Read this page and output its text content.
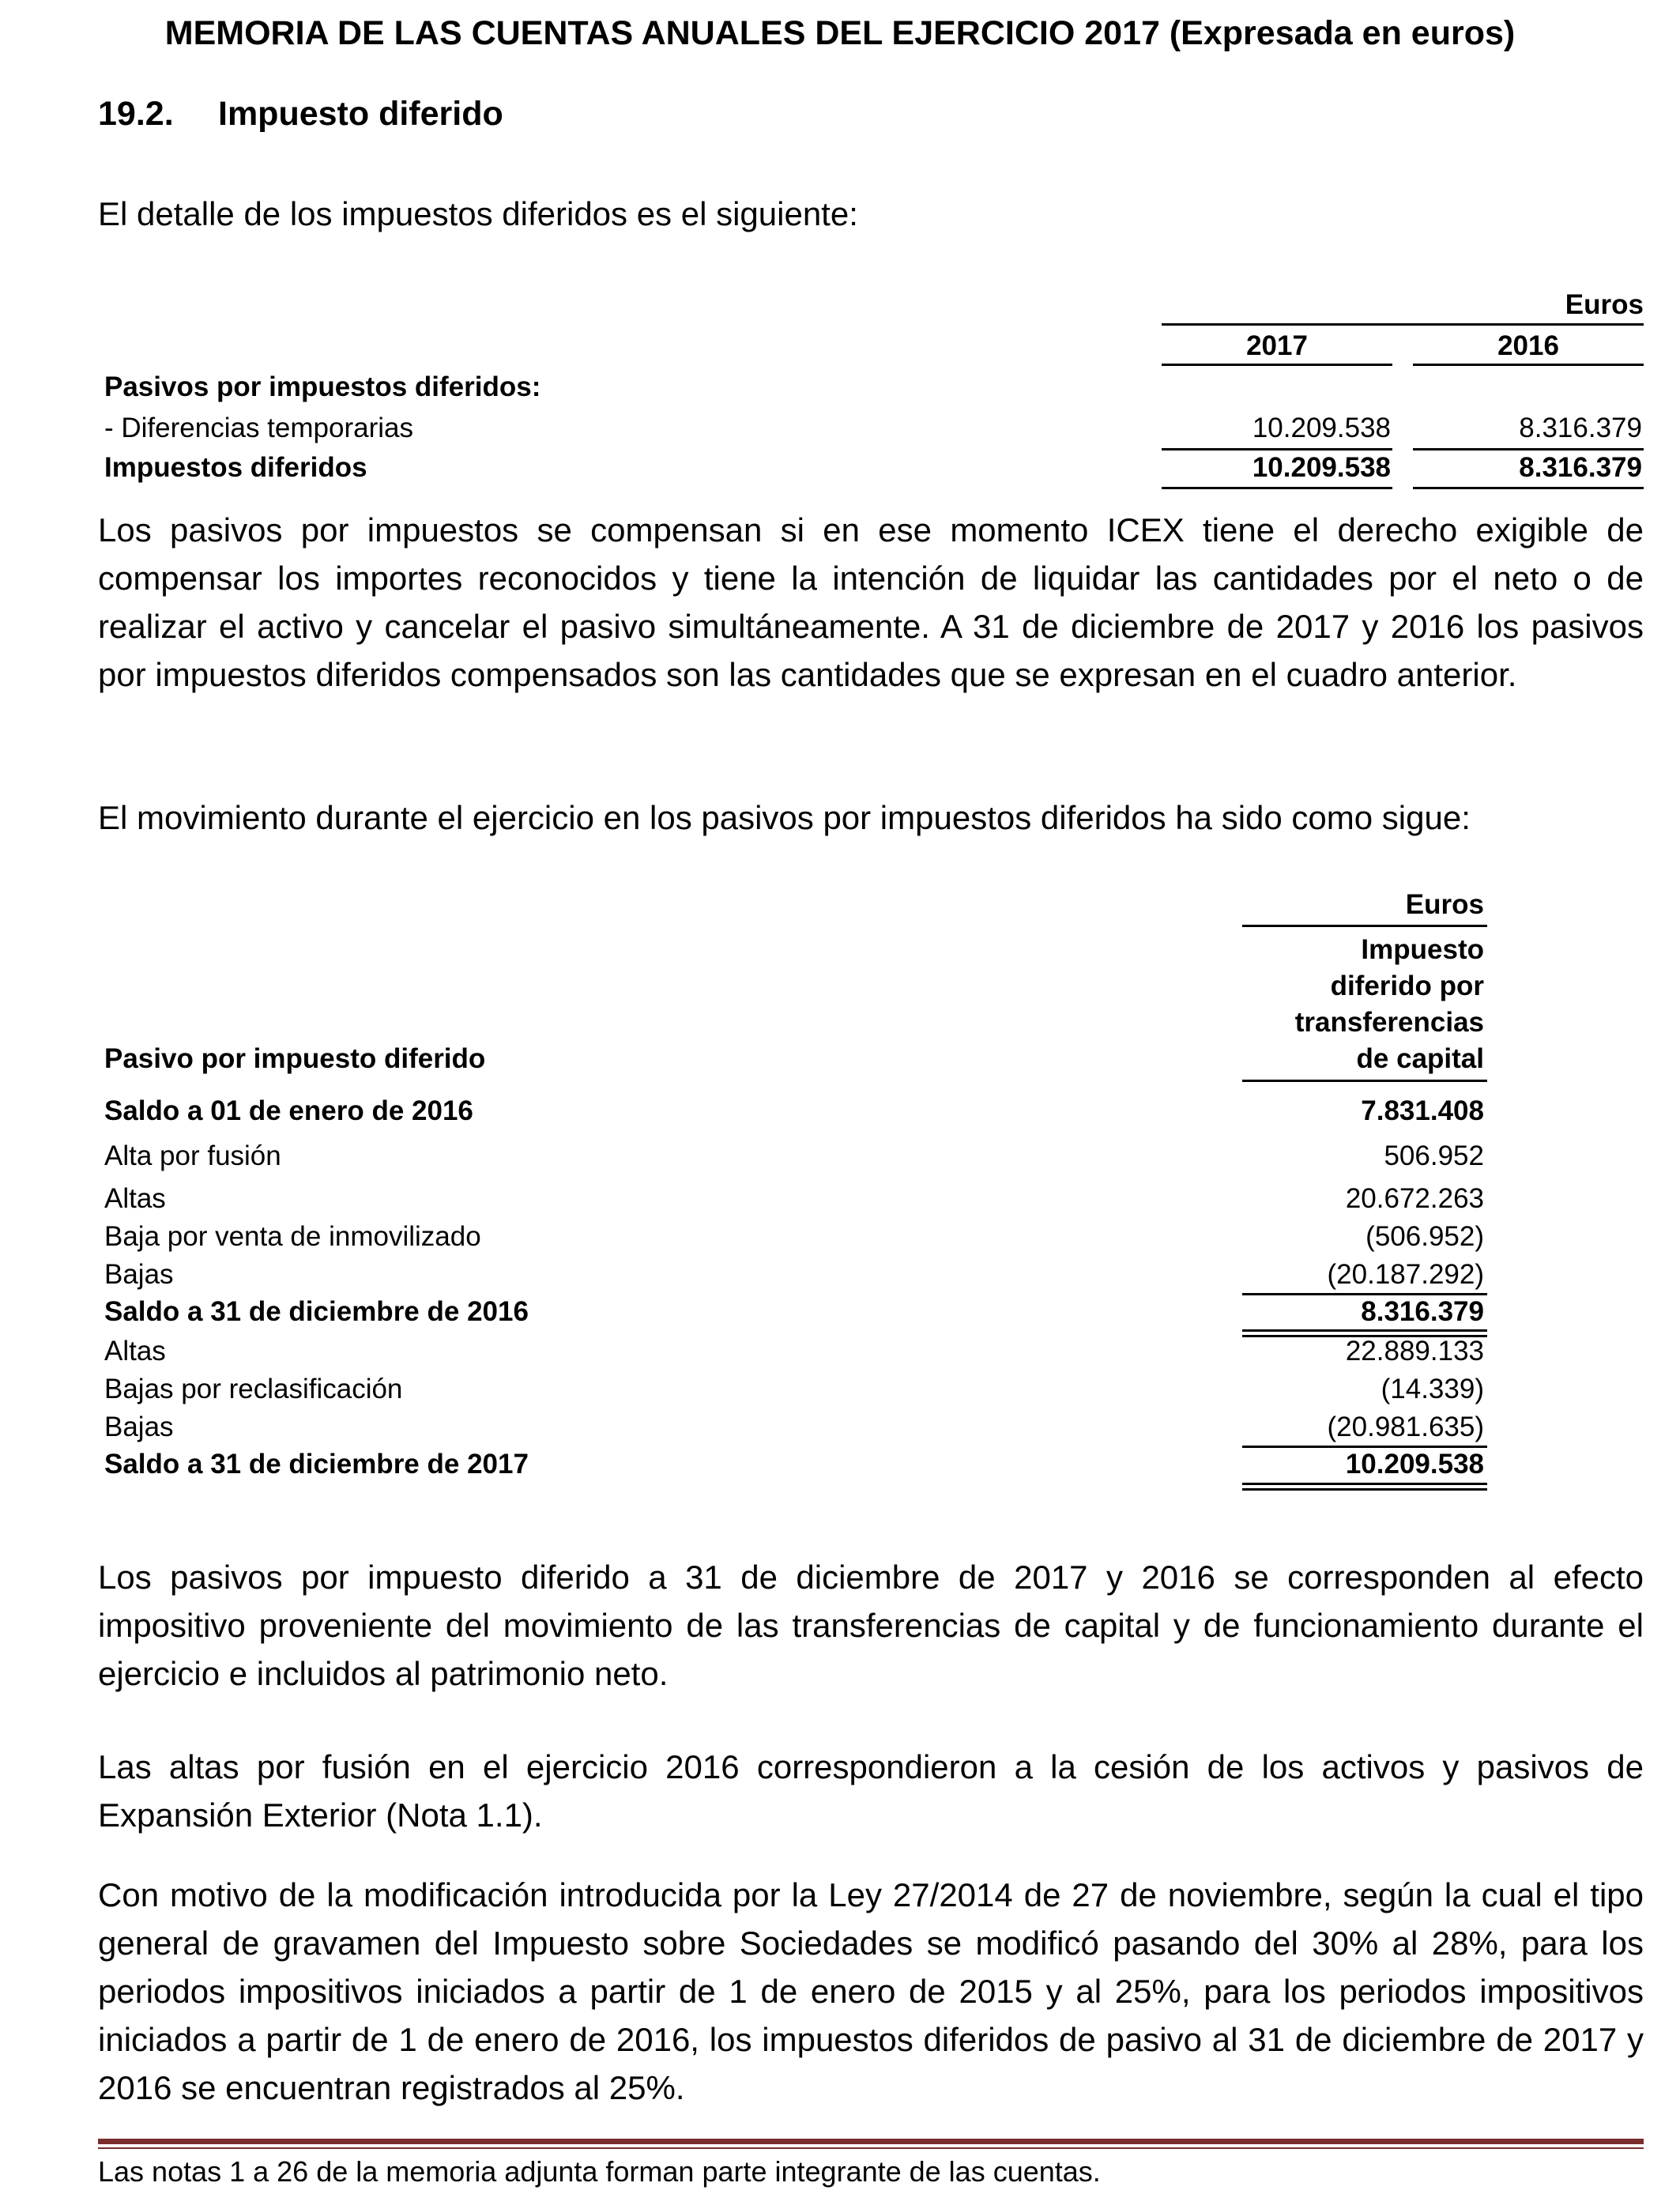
MEMORIA DE LAS CUENTAS ANUALES DEL EJERCICIO 2017 (Expresada en euros)
19.2. Impuesto diferido
El detalle de los impuestos diferidos es el siguiente:
Euros
2017	2016
Pasivos por impuestos diferidos:
- Diferencias temporarias	10.209.538	8.316.379
Impuestos diferidos	10.209.538	8.316.379
Los pasivos por impuestos se compensan si en ese momento ICEX tiene el derecho exigible de compensar los importes reconocidos y tiene la intención de liquidar las cantidades por el neto o de realizar el activo y cancelar el pasivo simultáneamente. A 31 de diciembre de 2017 y 2016 los pasivos por impuestos diferidos compensados son las cantidades que se expresan en el cuadro anterior.
El movimiento durante el ejercicio en los pasivos por impuestos diferidos ha sido como sigue:
Euros
Impuesto
diferido por
transferencias
de capital
Pasivo por impuesto diferido
Saldo a 01 de enero de 2016	7.831.408
Alta por fusión	506.952
Altas	20.672.263
Baja por venta de inmovilizado	(506.952)
Bajas	(20.187.292)
Saldo a 31 de diciembre de 2016	8.316.379
Altas	22.889.133
Bajas por reclasificación	(14.339)
Bajas	(20.981.635)
Saldo a 31 de diciembre de 2017	10.209.538
Los pasivos por impuesto diferido a 31 de diciembre de 2017 y 2016 se corresponden al efecto impositivo proveniente del movimiento de las transferencias de capital y de funcionamiento durante el ejercicio e incluidos al patrimonio neto.
Las altas por fusión en el ejercicio 2016 correspondieron a la cesión de los activos y pasivos de Expansión Exterior (Nota 1.1).
Con motivo de la modificación introducida por la Ley 27/2014 de 27 de noviembre, según la cual el tipo general de gravamen del Impuesto sobre Sociedades se modificó pasando del 30% al 28%, para los periodos impositivos iniciados a partir de 1 de enero de 2015 y al 25%, para los periodos impositivos iniciados a partir de 1 de enero de 2016, los impuestos diferidos de pasivo al 31 de diciembre de 2017 y 2016 se encuentran registrados al 25%.
Las notas 1 a 26 de la memoria adjunta forman parte integrante de las cuentas.
